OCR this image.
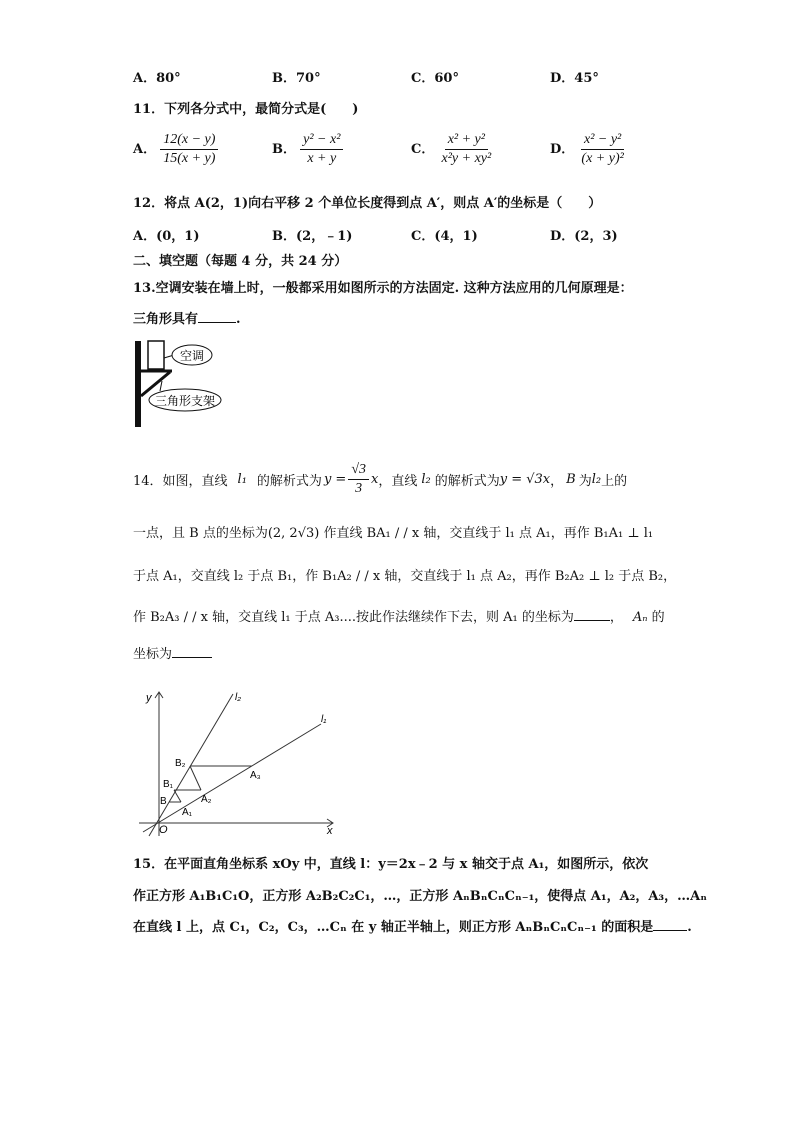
A．80°	B．70°	C．60°	D．45°
11．下列各分式中，最简分式是(　　)
A． $\frac{12(x - y)}{15(x + y)}$	B． $\frac{\text{y² − x²}}{x + y}$	C． $\frac{\text{x² + y²}}{\text{x²y + xy²}}$	D． $\frac{\text{x² − y²}}{\text{(x + y)²}}$
12．将点 A(2，1)向右平移 2 个单位长度得到点 A′，则点 A′的坐标是（　　）
A．(0，1)	B．(2，﹣1)	C．(4，1)	D．(2，3)
二、填空题（每题 4 分，共 24 分）
13.空调安装在墙上时，一般都采用如图所示的方法固定. 这种方法应用的几何原理是：
三角形具有	.
空调
三角形支架
14．如图，直线 l₁ 的解析式为 $y = \frac{√3}{3}$ x ，直线 l₂ 的解析式为 y = √3x ， B 为 l₂ 上的
一点，且 B 点的坐标为(2, 2√3) 作直线 BA₁ / / x 轴，交直线于 l₁ 点 A₁，再作 B₁A₁ ⊥ l₁
于点 A₁，交直线 l₂ 于点 B₁，作 B₁A₂ / / x 轴，交直线于 l₁ 点 A₂，再作 B₂A₂ ⊥ l₂ 于点 B₂，
作 B₂A₃ / / x 轴，交直线 l₁ 于点 A₃....按此作法继续作下去，则 A₁ 的坐标为	， Aₙ 的
坐标为
y
x
O
l₂
l₁
B
B₁
B₂
A₁
A₂
A₃
15．在平面直角坐标系 xOy 中，直线 l：y＝2x﹣2 与 x 轴交于点 A₁，如图所示，依次
作正方形 A₁B₁C₁O，正方形 A₂B₂C₂C₁，…，正方形 AₙBₙCₙCₙ₋₁，使得点 A₁，A₂，A₃，…Aₙ
在直线 l 上，点 C₁，C₂，C₃，…Cₙ 在 y 轴正半轴上，则正方形 AₙBₙCₙCₙ₋₁ 的面积是	.
